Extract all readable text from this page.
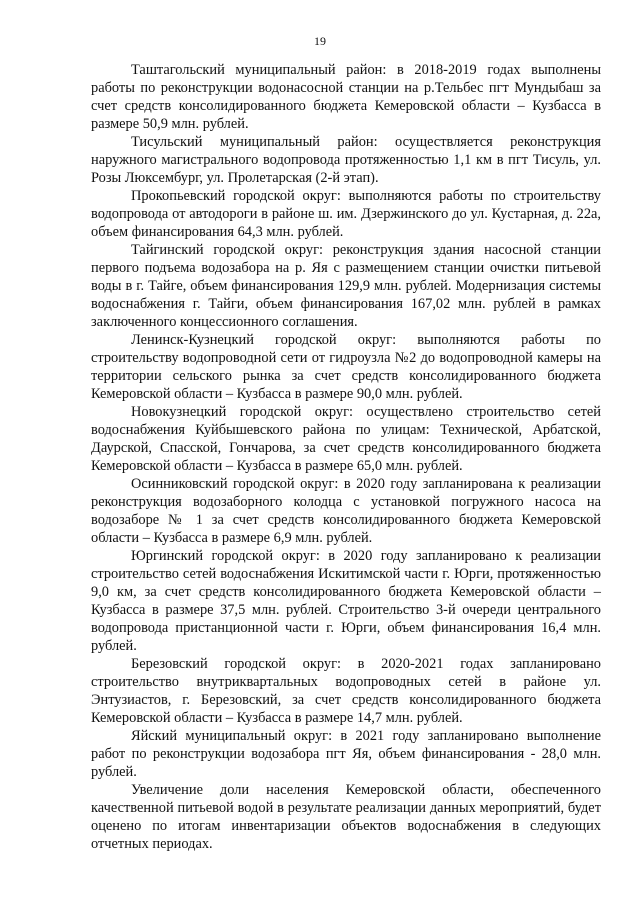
19

Таштагольский муниципальный район: в 2018-2019 годах выполнены работы по реконструкции водонасосной станции на р.Тельбес пгт Мундыбаш за счет средств консолидированного бюджета Кемеровской области – Кузбасса в размере 50,9 млн. рублей.

Тисульский муниципальный район: осуществляется реконструкция наружного магистрального водопровода протяженностью 1,1 км в пгт Тисуль, ул. Розы Люксембург, ул. Пролетарская (2-й этап).

Прокопьевский городской округ: выполняются работы по строительству водопровода от автодороги в районе ш. им. Дзержинского до ул. Кустарная, д. 22а, объем финансирования 64,3 млн. рублей.

Тайгинский городской округ: реконструкция здания насосной станции первого подъема водозабора на р. Яя с размещением станции очистки питьевой воды в г. Тайге, объем финансирования 129,9 млн. рублей. Модернизация системы водоснабжения г. Тайги, объем финансирования 167,02 млн. рублей в рамках заключенного концессионного соглашения.

Ленинск-Кузнецкий городской округ: выполняются работы по строительству водопроводной сети от гидроузла №2 до водопроводной камеры на территории сельского рынка за счет средств консолидированного бюджета Кемеровской области – Кузбасса в размере 90,0 млн. рублей.

Новокузнецкий городской округ: осуществлено строительство сетей водоснабжения Куйбышевского района по улицам: Технической, Арбатской, Даурской, Спасской, Гончарова, за счет средств консолидированного бюджета Кемеровской области – Кузбасса в размере 65,0 млн. рублей.

Осинниковский городской округ: в 2020 году запланирована к реализации реконструкция водозаборного колодца с установкой погружного насоса на водозаборе № 1 за счет средств консолидированного бюджета Кемеровской области – Кузбасса в размере 6,9 млн. рублей.

Юргинский городской округ: в 2020 году запланировано к реализации строительство сетей водоснабжения Искитимской части г. Юрги, протяженностью 9,0 км, за счет средств консолидированного бюджета Кемеровской области – Кузбасса в размере 37,5 млн. рублей. Строительство 3-й очереди центрального водопровода пристанционной части г. Юрги, объем финансирования 16,4 млн. рублей.

Березовский городской округ: в 2020-2021 годах запланировано строительство внутриквартальных водопроводных сетей в районе ул. Энтузиастов, г. Березовский, за счет средств консолидированного бюджета Кемеровской области – Кузбасса в размере 14,7 млн. рублей.

Яйский муниципальный округ: в 2021 году запланировано выполнение работ по реконструкции водозабора пгт Яя, объем финансирования - 28,0 млн. рублей.

Увеличение доли населения Кемеровской области, обеспеченного качественной питьевой водой в результате реализации данных мероприятий, будет оценено по итогам инвентаризации объектов водоснабжения в следующих отчетных периодах.
